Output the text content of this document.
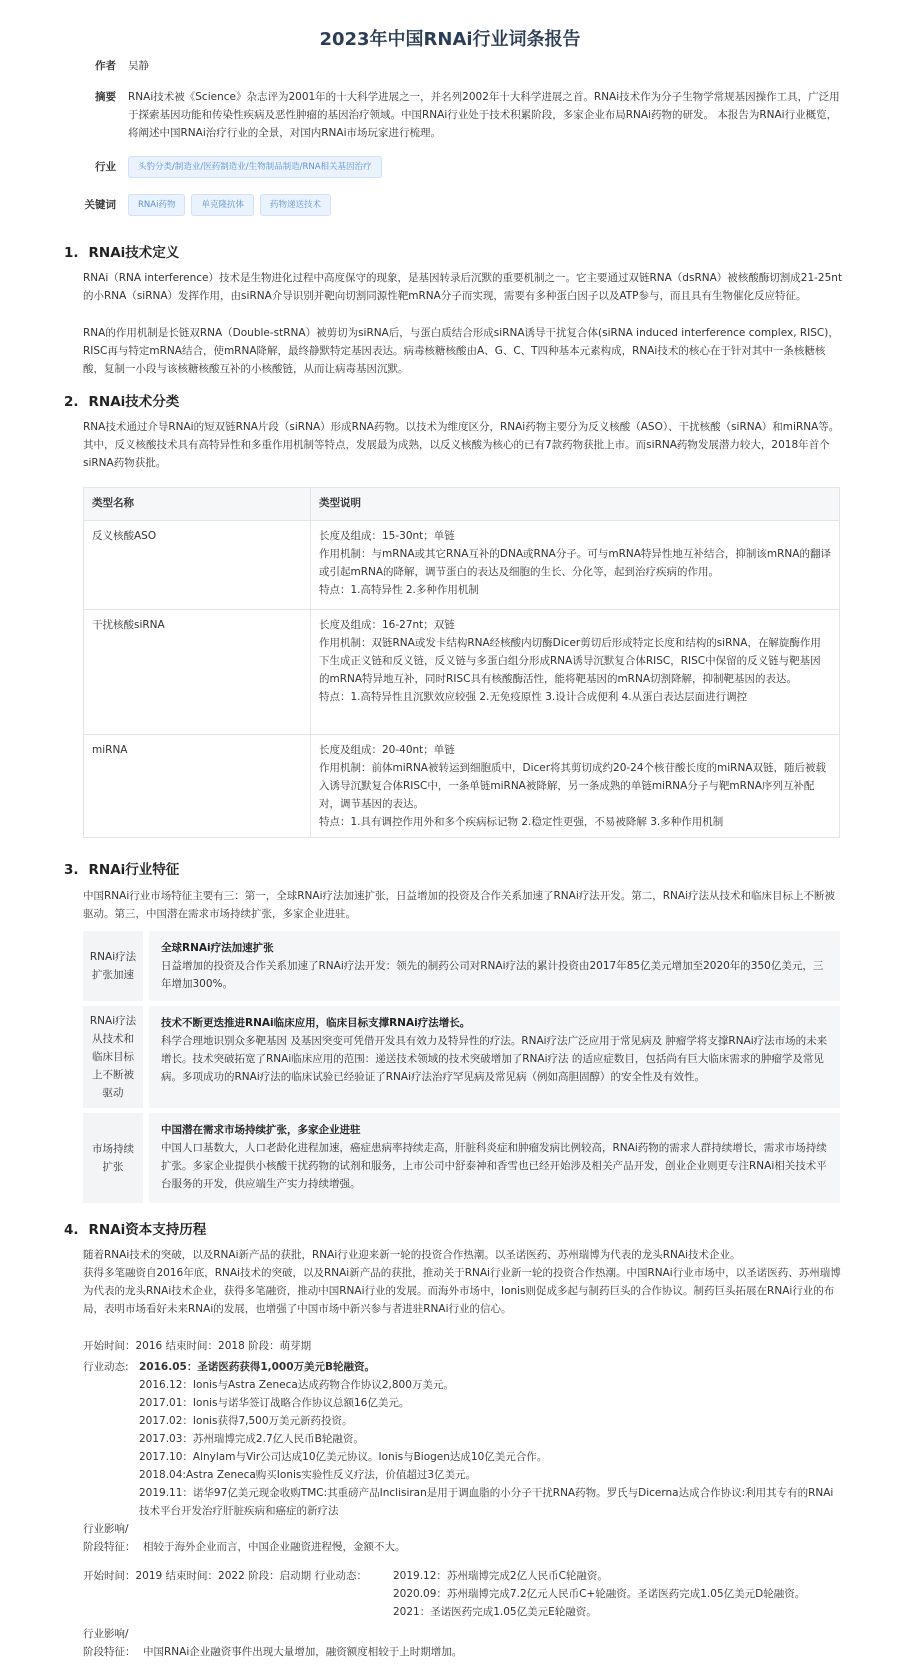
2023年中国RNAi行业词条报告
作者 吴静
摘要 RNAi技术被《Science》杂志评为2001年的十大科学进展之一，并名列2002年十大科学进展之首。RNAi技术作为分子生物学常规基因操作工具，广泛用于探索基因功能和传染性疾病及恶性肿瘤的基因治疗领域。中国RNAi行业处于技术积累阶段，多家企业布局RNAi药物的研发。 本报告为RNAi行业概览，将阐述中国RNAi治疗行业的全景，对国内RNAi市场玩家进行梳理。
行业	头豹分类/制造业/医药制造业/生物制品制造/RNA相关基因治疗
关键词	RNAi药物	单克隆抗体	药物递送技术
1. RNAi技术定义
RNAi（RNA interference）技术是生物进化过程中高度保守的现象，是基因转录后沉默的重要机制之一。它主要通过双链RNA（dsRNA）被核酸酶切割成21-25nt的小RNA（siRNA）发挥作用，由siRNA介导识别并靶向切割同源性靶mRNA分子而实现，需要有多种蛋白因子以及ATP参与，而且具有生物催化反应特征。
RNA的作用机制是长链双RNA（Double-stRNA）被剪切为siRNA后，与蛋白质结合形成siRNA诱导干扰复合体(siRNA induced interference complex, RISC)，RISC再与特定mRNA结合，使mRNA降解，最终静默特定基因表达。病毒核糖核酸由A、G、C、T四种基本元素构成，RNAi技术的核心在于针对其中一条核糖核酸，复制一小段与该核糖核酸互补的小核酸链，从而让病毒基因沉默。
2. RNAi技术分类
RNA技术通过介导RNAi的短双链RNA片段（siRNA）形成RNA药物。以技术为维度区分，RNAi药物主要分为反义核酸（ASO）、干扰核酸（siRNA）和miRNA等。其中，反义核酸技术具有高特异性和多重作用机制等特点，发展最为成熟，以反义核酸为核心的已有7款药物获批上市。而siRNA药物发展潜力较大，2018年首个siRNA药物获批。
类型名称	类型说明
反义核酸ASO	长度及组成：15-30nt；单链
作用机制：与mRNA或其它RNA互补的DNA或RNA分子。可与mRNA特异性地互补结合，抑制该mRNA的翻译或引起mRNA的降解，调节蛋白的表达及细胞的生长、分化等，起到治疗疾病的作用。
特点：1.高特异性 2.多种作用机制

干扰核酸siRNA	长度及组成：16-27nt；双链
作用机制：双链RNA或发卡结构RNA经核酸内切酶Dicer剪切后形成特定长度和结构的siRNA，在解旋酶作用下生成正义链和反义链，反义链与多蛋白组分形成RNA诱导沉默复合体RISC，RISC中保留的反义链与靶基因的mRNA特异地互补，同时RISC具有核酸酶活性，能将靶基因的mRNA切割降解，抑制靶基因的表达。
特点：1.高特异性且沉默效应较强 2.无免疫原性 3.设计合成便利 4.从蛋白表达层面进行调控

miRNA	长度及组成：20-40nt；单链
作用机制：前体miRNA被转运到细胞质中，Dicer将其剪切成约20-24个核苷酸长度的miRNA双链，随后被载入诱导沉默复合体RISC中，一条单链miRNA被降解，另一条成熟的单链miRNA分子与靶mRNA序列互补配对，调节基因的表达。
特点：1.具有调控作用外和多个疾病标记物 2.稳定性更强，不易被降解 3.多种作用机制
3. RNAi行业特征
中国RNAi行业市场特征主要有三：第一，全球RNAi疗法加速扩张，日益增加的投资及合作关系加速了RNAi疗法开发。第二，RNAi疗法从技术和临床目标上不断被驱动。第三，中国潜在需求市场持续扩张，多家企业进驻。
RNAi疗法扩张加速
全球RNAi疗法加速扩张
日益增加的投资及合作关系加速了RNAi疗法开发：领先的制药公司对RNAi疗法的累计投资由2017年85亿美元增加至2020年的350亿美元，三年增加300%。
RNAi疗法从技术和临床目标上不断被驱动
技术不断更迭推进RNAi临床应用，临床目标支撑RNAi疗法增长。
科学合理地识别众多靶基因 及基因突变可凭借开发具有效力及特异性的疗法。RNAi疗法广泛应用于常见病及 肿瘤学将支撑RNAi疗法市场的未来增长。技术突破拓宽了RNAi临床应用的范围：递送技术领域的技术突破增加了RNAi疗法 的适应症数目，包括尚有巨大临床需求的肿瘤学及常见病。多项成功的RNAi疗法的临床试验已经验证了RNAi疗法治疗罕见病及常见病（例如高胆固醇）的安全性及有效性。
市场持续扩张
中国潜在需求市场持续扩张，多家企业进驻
中国人口基数大，人口老龄化进程加速，癌症患病率持续走高，肝脏科炎症和肿瘤发病比例较高，RNAi药物的需求人群持续增长，需求市场持续扩张。多家企业提供小核酸干扰药物的试剂和服务，上市公司中舒泰神和香雪也已经开始涉及相关产品开发，创业企业则更专注RNAi相关技术平台服务的开发，供应端生产实力持续增强。
4. RNAi资本支持历程
随着RNAi技术的突破，以及RNAi新产品的获批，RNAi行业迎来新一轮的投资合作热潮。以圣诺医药、苏州瑞博为代表的龙头RNAi技术企业。
获得多笔融资自2016年底，RNAi技术的突破，以及RNAi新产品的获批，推动关于RNAi行业新一轮的投资合作热潮。中国RNAi行业市场中，以圣诺医药、苏州瑞博为代表的龙头RNAi技术企业，获得多笔融资，推动中国RNAi行业的发展。而海外市场中，Ionis则促成多起与制药巨头的合作协议。制药巨头拓展在RNAi行业的布局，表明市场看好未来RNAi的发展，也增强了中国市场中新兴参与者进驻RNAi行业的信心。
开始时间：2016 结束时间：2018 阶段：萌芽期
行业动态: 2016.05：圣诺医药获得1,000万美元B轮融资。
2016.12：Ionis与Astra Zeneca达成药物合作协议2,800万美元。
2017.01：Ionis与诺华签订战略合作协议总额16亿美元。
2017.02：Ionis获得7,500万美元新药投资。
2017.03：苏州瑞博完成2.7亿人民币B轮融资。
2017.10：Alnylam与Vir公司达成10亿美元协议。Ionis与Biogen达成10亿美元合作。
2018.04:Astra Zeneca购买Ionis实验性反义疗法，价值超过3亿美元。
2019.11：诺华97亿美元现金收购TMC:其重磅产品Inclisiran是用于调血脂的小分子干扰RNA药物。罗氏与Dicerna达成合作协议:利用其专有的RNAi技术平台开发治疗肝脏疾病和癌症的新疗法
行业影响/
阶段特征： 相较于海外企业而言，中国企业融资进程慢，金额不大。
开始时间：2019 结束时间：2022 阶段：启动期 行业动态： 2019.12：苏州瑞博完成2亿人民币C轮融资。
2020.09：苏州瑞博完成7.2亿元人民币C+轮融资。圣诺医药完成1.05亿美元D轮融资。
2021：圣诺医药完成1.05亿美元E轮融资。
行业影响/
阶段特征： 中国RNAi企业融资事件出现大量增加，融资额度相较于上时期增加。
